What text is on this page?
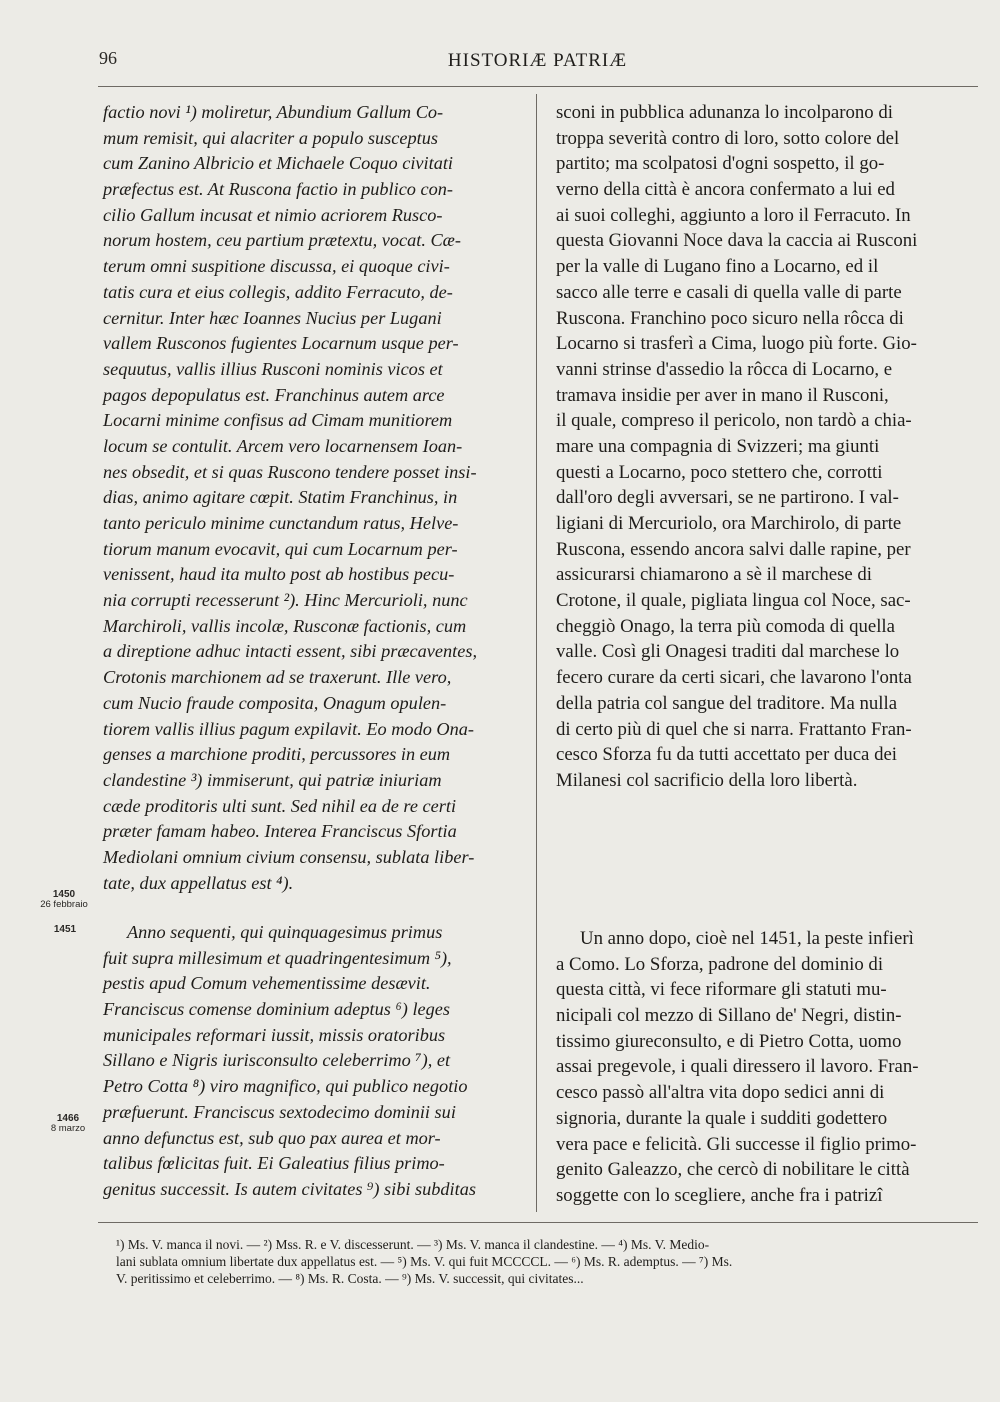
96	HISTORIÆ PATRIÆ
factio novi ¹) moliretur, Abundium Gallum Co-
mum remisit, qui alacriter a populo susceptus
cum Zanino Albricio et Michaele Coquo civitati
præfectus est. At Ruscona factio in publico con-
cilio Gallum incusat et nimio acriorem Rusco-
norum hostem, ceu partium prætextu, vocat. Cæ-
terum omni suspitione discussa, ei quoque civi-
tatis cura et eius collegis, addito Ferracuto, de-
cernitur. Inter hæc Ioannes Nucius per Lugani
vallem Rusconos fugientes Locarnum usque per-
sequutus, vallis illius Rusconi nominis vicos et
pagos depopulatus est. Franchinus autem arce
Locarni minime confisus ad Cimam munitiorem
locum se contulit. Arcem vero locarnensem Ioan-
nes obsedit, et si quas Ruscono tendere posset insi-
dias, animo agitare cœpit. Statim Franchinus, in
tanto periculo minime cunctandum ratus, Helve-
tiorum manum evocavit, qui cum Locarnum per-
venissent, haud ita multo post ab hostibus pecu-
nia corrupti recesserunt ²). Hinc Mercurioli, nunc
Marchiroli, vallis incolæ, Rusconæ factionis, cum
a direptione adhuc intacti essent, sibi præcaventes,
Crotonis marchionem ad se traxerunt. Ille vero,
cum Nucio fraude composita, Onagum opulen-
tiorem vallis illius pagum expilavit. Eo modo Ona-
genses a marchione proditi, percussores in eum
clandestine ³) immiserunt, qui patriæ iniuriam
cæde proditoris ulti sunt. Sed nihil ea de re certi
præter famam habeo. Interea Franciscus Sfortia
Mediolani omnium civium consensu, sublata liber-
tate, dux appellatus est ⁴).
Anno sequenti, qui quinquagesimus primus
fuit supra millesimum et quadringentesimum ⁵),
pestis apud Comum vehementissime desævit.
Franciscus comense dominium adeptus ⁶) leges
municipales reformari iussit, missis oratoribus
Sillano e Nigris iurisconsulto celeberrimo ⁷), et
Petro Cotta ⁸) viro magnifico, qui publico negotio
præfuerunt. Franciscus sextodecimo dominii sui
anno defunctus est, sub quo pax aurea et mor-
talibus fœlicitas fuit. Ei Galeatius filius primo-
genitus successit. Is autem civitates ⁹) sibi subditas
sconi in pubblica adunanza lo incolparono di
troppa severità contro di loro, sotto colore del
partito; ma scolpatosi d'ogni sospetto, il go-
verno della città è ancora confermato a lui ed
ai suoi colleghi, aggiunto a loro il Ferracuto. In
questa Giovanni Noce dava la caccia ai Rusconi
per la valle di Lugano fino a Locarno, ed il
sacco alle terre e casali di quella valle di parte
Ruscona. Franchino poco sicuro nella rôcca di
Locarno si trasferì a Cima, luogo più forte. Gio-
vanni strinse d'assedio la rôcca di Locarno, e
tramava insidie per aver in mano il Rusconi,
il quale, compreso il pericolo, non tardò a chia-
mare una compagnia di Svizzeri; ma giunti
questi a Locarno, poco stettero che, corrotti
dall'oro degli avversari, se ne partirono. I val-
ligiani di Mercuriolo, ora Marchirolo, di parte
Ruscona, essendo ancora salvi dalle rapine, per
assicurarsi chiamarono a sè il marchese di
Crotone, il quale, pigliata lingua col Noce, sac-
cheggiò Onago, la terra più comoda di quella
valle. Così gli Onagesi traditi dal marchese lo
fecero curare da certi sicari, che lavarono l'onta
della patria col sangue del traditore. Ma nulla
di certo più di quel che si narra. Frattanto Fran-
cesco Sforza fu da tutti accettato per duca dei
Milanesi col sacrificio della loro libertà.
Un anno dopo, cioè nel 1451, la peste infierì
a Como. Lo Sforza, padrone del dominio di
questa città, vi fece riformare gli statuti mu-
nicipali col mezzo di Sillano de' Negri, distin-
tissimo giureconsulto, e di Pietro Cotta, uomo
assai pregevole, i quali diressero il lavoro. Fran-
cesco passò all'altra vita dopo sedici anni di
signoria, durante la quale i sudditi godettero
vera pace e felicità. Gli successe il figlio primo-
genito Galeazzo, che cercò di nobilitare le città
soggette con lo scegliere, anche fra i patrizî
1450
26 febbraio
1451
1466
8 marzo
¹) Ms. V. manca il novi. — ²) Mss. R. e V. discesserunt. — ³) Ms. V. manca il clandestine. — ⁴) Ms. V. Medio-
lani sublata omnium libertate dux appellatus est. — ⁵) Ms. V. qui fuit MCCCCL. — ⁶) Ms. R. ademptus. — ⁷) Ms.
V. peritissimo et celeberrimo. — ⁸) Ms. R. Costa. — ⁹) Ms. V. successit, qui civitates...
